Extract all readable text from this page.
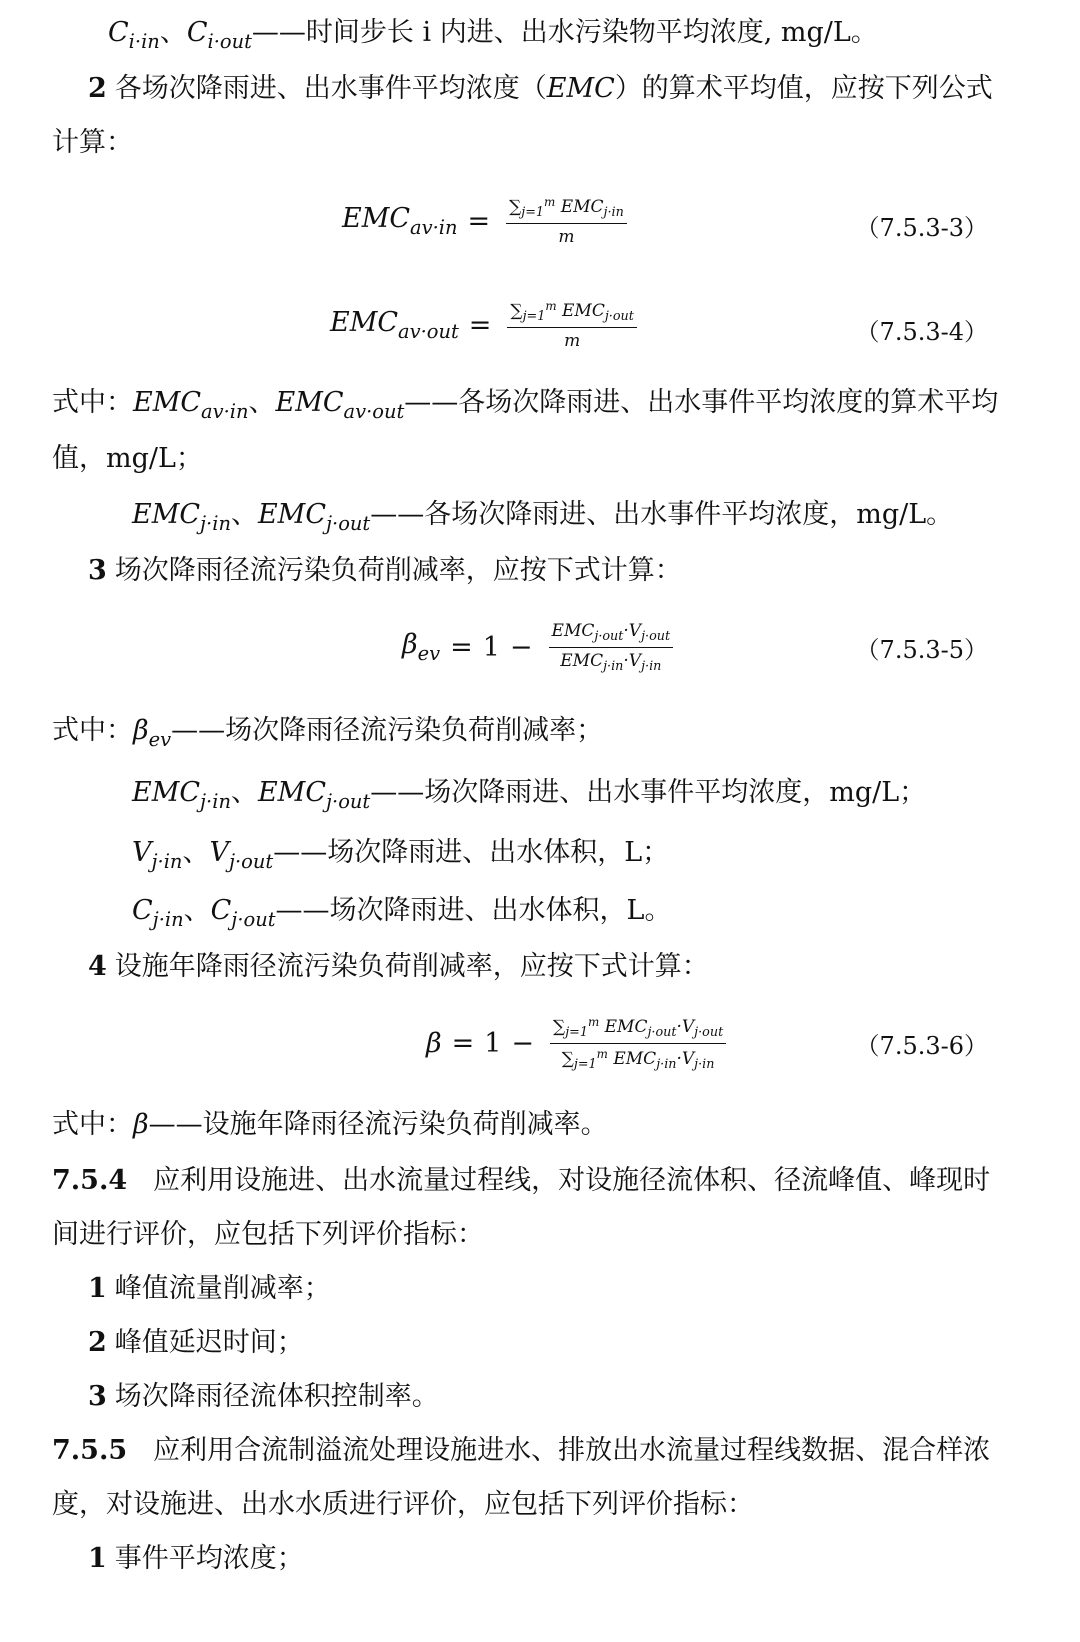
$C_{i\cdot in}$、$C_{i\cdot out}——$时间步长 i 内进、出水污染物平均浓度, mg/L。
2 各场次降雨进、出水事件平均浓度（EMC）的算术平均值，应按下列公式
计算：
$EMC_{av\cdot in} = \frac{\sum_{j=1}^m EMC_{j\cdot in}}{m}$	（7.5.3-3）
$EMC_{av\cdot out} = \frac{\sum_{j=1}^m EMC_{j\cdot out}}{m}$	（7.5.3-4）
式中：$EMC_{av\cdot in}$、$EMC_{av\cdot out}——$各场次降雨进、出水事件平均浓度的算术平均
值，mg/L；
$EMC_{j\cdot in}$、$EMC_{j\cdot out}——$各场次降雨进、出水事件平均浓度，mg/L。
3 场次降雨径流污染负荷削减率，应按下式计算：
$\beta_{ev} = 1 - \frac{EMC_{j\cdot out}\cdot V_{j\cdot out}}{EMC_{j\cdot in}\cdot V_{j\cdot in}}$	（7.5.3-5）
式中：$\beta_{ev}——$场次降雨径流污染负荷削减率；
$EMC_{j\cdot in}$、$EMC_{j\cdot out}——$场次降雨进、出水事件平均浓度，mg/L；
$V_{j\cdot in}$、$V_{j\cdot out}——$场次降雨进、出水体积，L；
$C_{j\cdot in}$、$C_{j\cdot out}——$场次降雨进、出水体积，L。
4 设施年降雨径流污染负荷削减率，应按下式计算：
$\beta = 1 - \frac{\sum_{j=1}^m EMC_{j\cdot out}\cdot V_{j\cdot out}}{\sum_{j=1}^m EMC_{j\cdot in}\cdot V_{j\cdot in}}$	（7.5.3-6）
式中：β——设施年降雨径流污染负荷削减率。
7.5.4 应利用设施进、出水流量过程线，对设施径流体积、径流峰值、峰现时
间进行评价，应包括下列评价指标：
1 峰值流量削减率；
2 峰值延迟时间；
3 场次降雨径流体积控制率。
7.5.5 应利用合流制溢流处理设施进水、排放出水流量过程线数据、混合样浓
度，对设施进、出水水质进行评价，应包括下列评价指标：
1 事件平均浓度；
